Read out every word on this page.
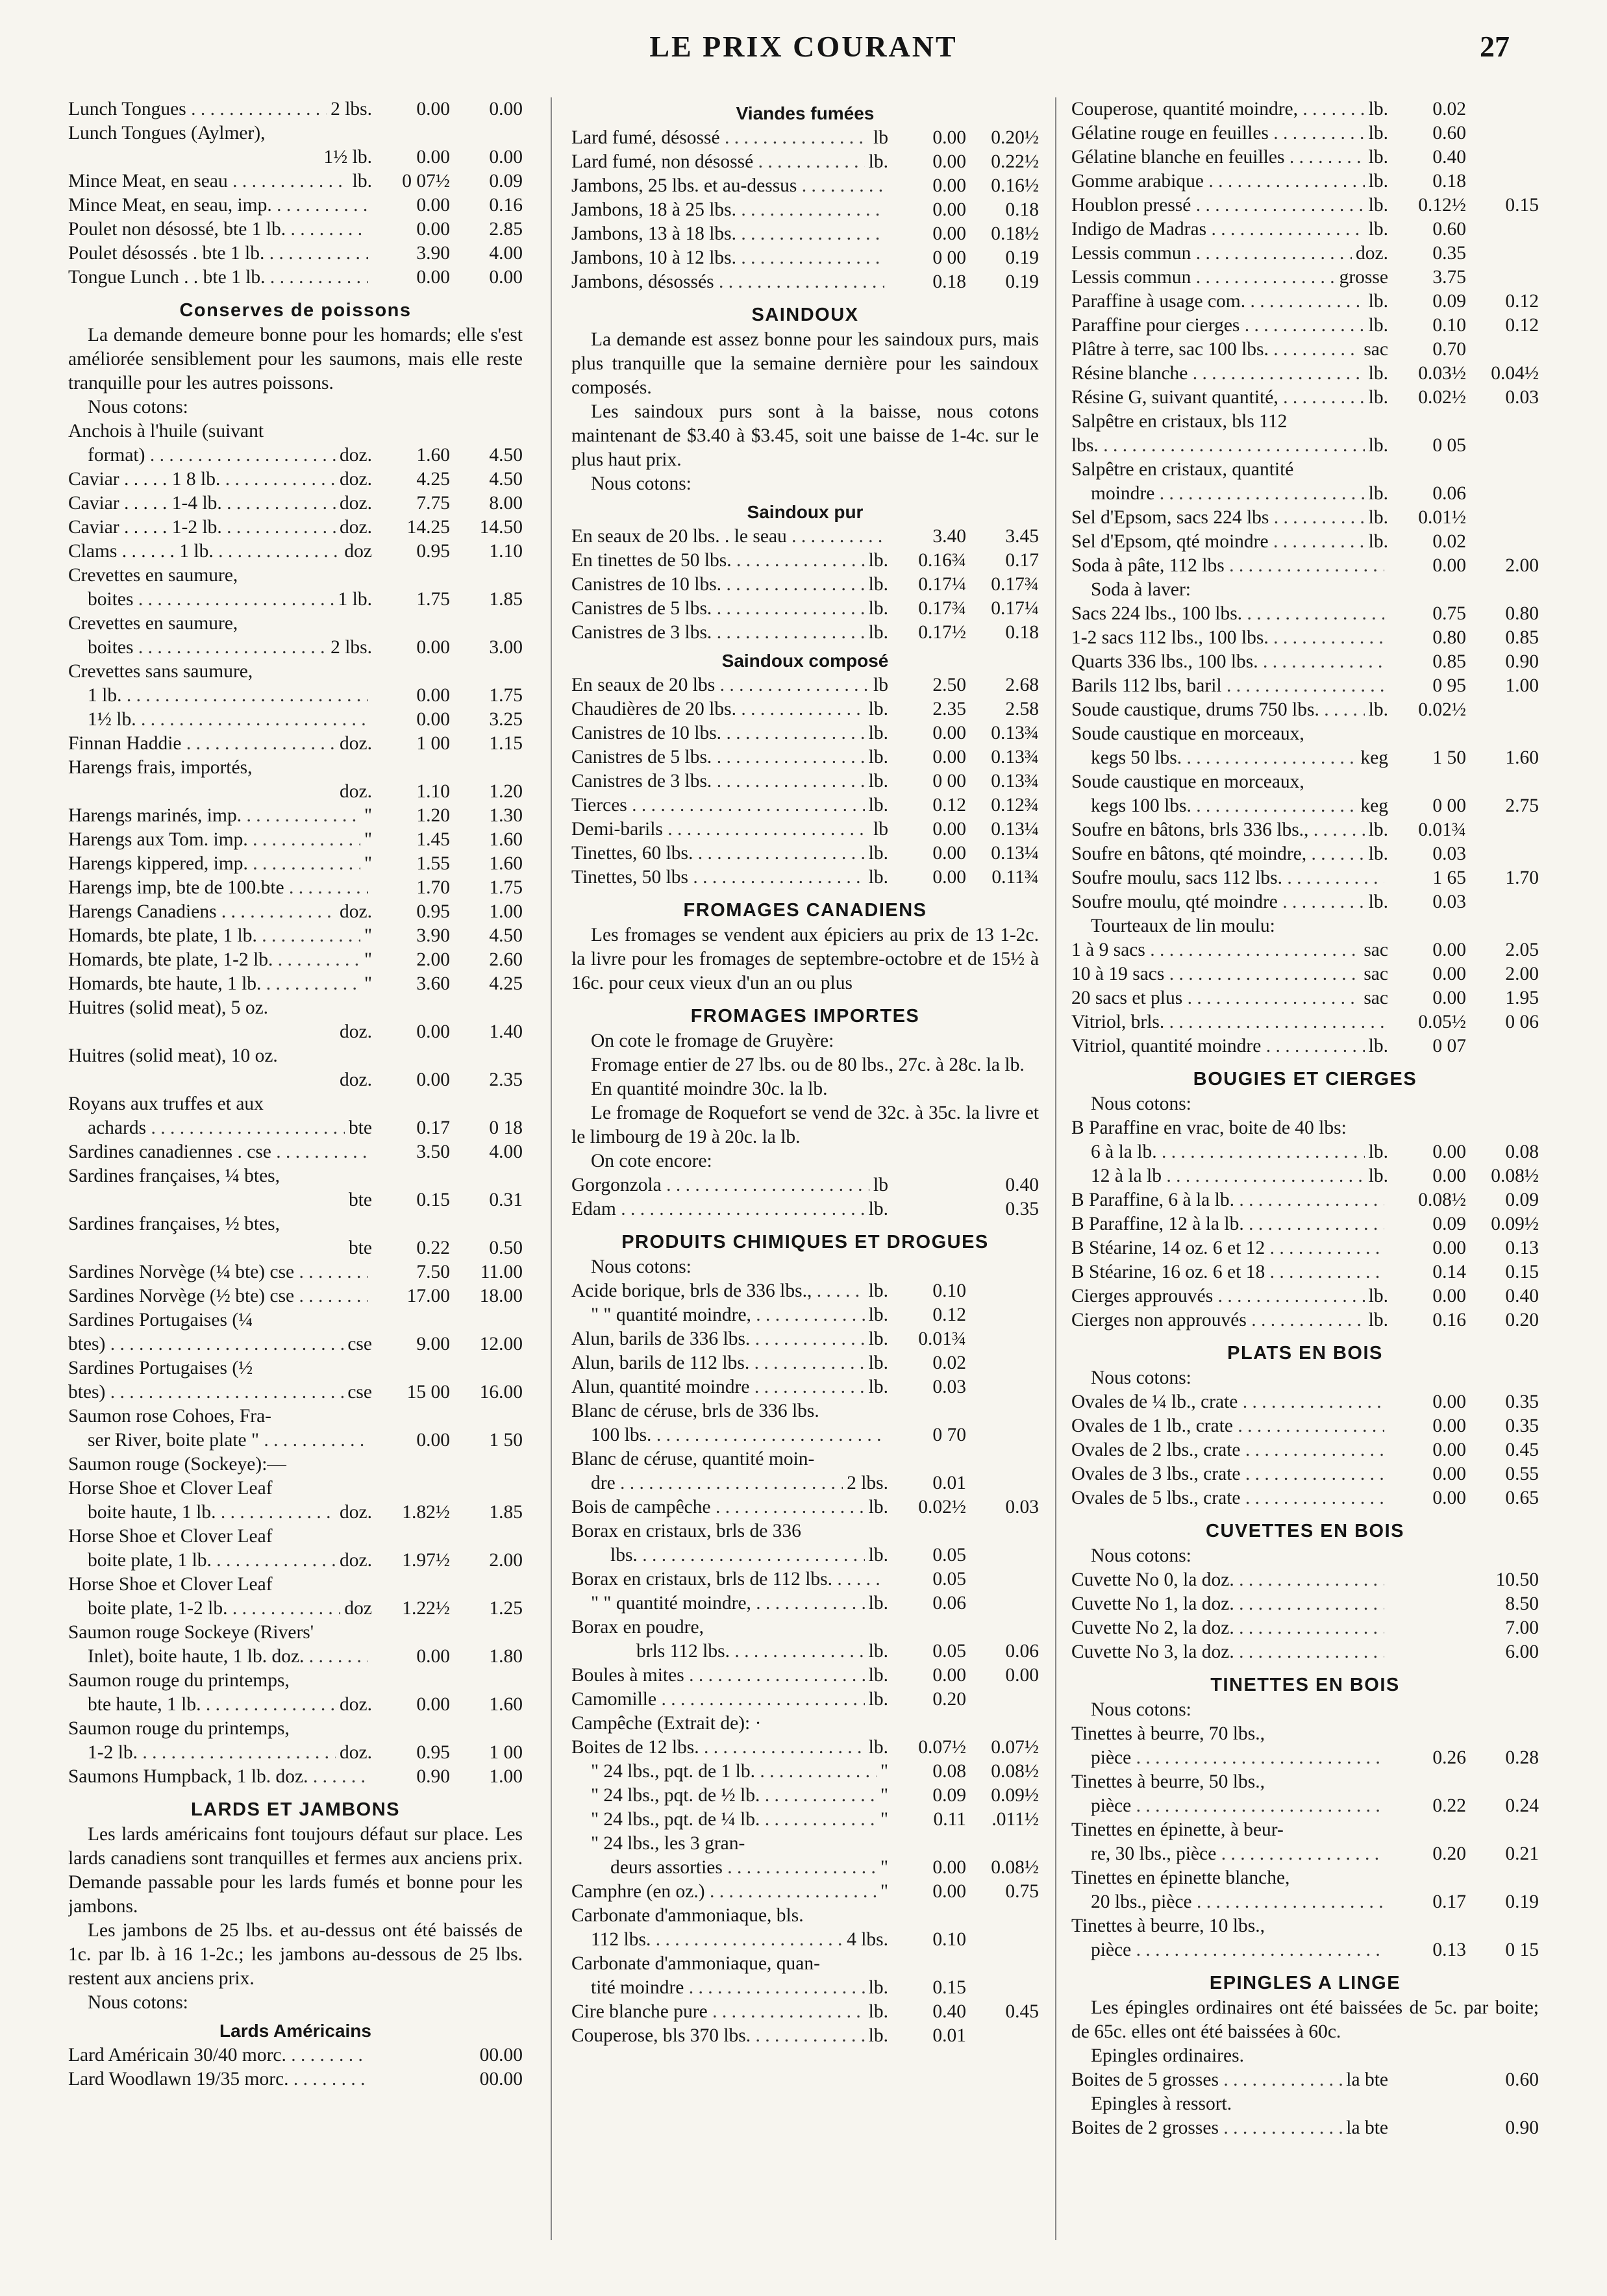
LE PRIX COURANT	27
Lunch Tongues . . .	2 lbs.	0.00	0.00
Lunch Tongues (Aylmer),
1½ lb.	0.00	0.00
Mince Meat, en seau . . .	lb.	0 07½	0.09
Mince Meat, en seau, imp. . . .	0.00	0.16
Poulet non désossé, bte 1 lb. . . .	0.00	2.85
Poulet désossés . bte 1 lb. . . .	3.90	4.00
Tongue Lunch . . bte 1 lb. . . .	0.00	0.00
Conserves de poissons

La demande demeure bonne pour les homards; elle s'est améliorée sensiblement pour les saumons, mais elle reste tranquille pour les autres poissons.

Nous cotons:
Anchois à l'huile (suivant
format) . . .	doz.	1.60	4.50
Caviar . . . . . 1 8 lb. . . .	doz.	4.25	4.50
Caviar . . . . . 1-4 lb. . . .	doz.	7.75	8.00
Caviar . . . . . 1-2 lb. . . .	doz.	14.25	14.50
Clams . . . . . . 1 lb. . . .	doz	0.95	1.10
Crevettes en saumure,
boites . . .	1 lb.	1.75	1.85
Crevettes en saumure,
boites . . .	2 lbs.	0.00	3.00
Crevettes sans saumure,
1 lb. . . .	0.00	1.75
1½ lb. . . .	0.00	3.25
Finnan Haddie . . .	doz.	1 00	1.15
Harengs frais, importés,
doz.	1.10	1.20
Harengs marinés, imp. . . .	"	1.20	1.30
Harengs aux Tom. imp. . . .	"	1.45	1.60
Harengs kippered, imp. . . .	"	1.55	1.60
Harengs imp, bte de 100.bte . . .	1.70	1.75
Harengs Canadiens . . . . . .	doz.	0.95	1.00
Homards, bte plate, 1 lb. . . .	"	3.90	4.50
Homards, bte plate, 1-2 lb. . . .	"	2.00	2.60
Homards, bte haute, 1 lb. . . .	"	3.60	4.25
Huitres (solid meat), 5 oz.
doz.	0.00	1.40
Huitres (solid meat), 10 oz.
doz.	0.00	2.35
Royans aux truffes et aux
achards . . .	bte	0.17	0 18
Sardines canadiennes . cse . . .	3.50	4.00
Sardines françaises, ¼ btes,
bte	0.15	0.31
Sardines françaises, ½ btes,
bte	0.22	0.50
Sardines Norvège (¼ bte) cse . . .	7.50	11.00
Sardines Norvège (½ bte) cse . . .	17.00	18.00
Sardines Portugaises (¼
btes) . . .	cse	9.00	12.00
Sardines Portugaises (½
btes) . . .	cse	15 00	16.00
Saumon rose Cohoes, Fra-
ser River, boite plate " . . .	0.00	1 50
Saumon rouge (Sockeye):—
Horse Shoe et Clover Leaf
boite haute, 1 lb. . . .	doz.	1.82½	1.85
Horse Shoe et Clover Leaf
boite plate, 1 lb. . . .	doz.	1.97½	2.00
Horse Shoe et Clover Leaf
boite plate, 1-2 lb. . . .	doz	1.22½	1.25
Saumon rouge Sockeye (Rivers'
Inlet), boite haute, 1 lb. doz. . . .	0.00	1.80
Saumon rouge du printemps,
bte haute, 1 lb. . . .	doz.	0.00	1.60
Saumon rouge du printemps,
1-2 lb. . . .	doz.	0.95	1 00
Saumons Humpback, 1 lb. doz. . . .	0.90	1.00
LARDS ET JAMBONS

Les lards américains font toujours défaut sur place. Les lards canadiens sont tranquilles et fermes aux anciens prix. Demande passable pour les lards fumés et bonne pour les jambons.

Les jambons de 25 lbs. et au-dessus ont été baissés de 1c. par lb. à 16 1-2c.; les jambons au-dessous de 25 lbs. restent aux anciens prix.

Nous cotons:
Lards Américains
Lard Américain 30/40 morc. . . .	00.00
Lard Woodlawn 19/35 morc. . . .	00.00
Viandes fumées
Lard fumé, désossé . . .	lb	0.00	0.20½
Lard fumé, non désossé . . .	lb.	0.00	0.22½
Jambons, 25 lbs. et au-dessus . . .	0.00	0.16½
Jambons, 18 à 25 lbs. . . .	0.00	0.18
Jambons, 13 à 18 lbs. . . .	0.00	0.18½
Jambons, 10 à 12 lbs. . . .	0 00	0.19
Jambons, désossés . . .	0.18	0.19
SAINDOUX

La demande est assez bonne pour les saindoux purs, mais plus tranquille que la semaine dernière pour les saindoux composés.

Les saindoux purs sont à la baisse, nous cotons maintenant de $3.40 à $3.45, soit une baisse de 1-4c. sur le plus haut prix.

Nous cotons:
Saindoux pur
En seaux de 20 lbs. . le seau . . .	3.40	3.45
En tinettes de 50 lbs. . . .	lb.	0.16¾	0.17
Canistres de 10 lbs. . . .	lb.	0.17¼	0.17¾
Canistres de 5 lbs. . . .	lb.	0.17¾	0.17¼
Canistres de 3 lbs. . . .	lb.	0.17½	0.18
Saindoux composé
En seaux de 20 lbs . . .	lb	2.50	2.68
Chaudières de 20 lbs. . . .	lb.	2.35	2.58
Canistres de 10 lbs. . . .	lb.	0.00	0.13¾
Canistres de 5 lbs. . . .	lb.	0.00	0.13¾
Canistres de 3 lbs. . . .	lb.	0 00	0.13¾
Tierces . . .	lb.	0.12	0.12¾
Demi-barils . . .	lb	0.00	0.13¼
Tinettes, 60 lbs. . . .	lb.	0.00	0.13¼
Tinettes, 50 lbs . . .	lb.	0.00	0.11¾
FROMAGES CANADIENS

Les fromages se vendent aux épiciers au prix de 13 1-2c. la livre pour les fromages de septembre-octobre et de 15½ à 16c. pour ceux vieux d'un an ou plus

FROMAGES IMPORTES
On cote le fromage de Gruyère:

Fromage entier de 27 lbs. ou de 80 lbs., 27c. à 28c. la lb.

En quantité moindre 30c. la lb.

Le fromage de Roquefort se vend de 32c. à 35c. la livre et le limbourg de 19 à 20c. la lb.

On cote encore:
Gorgonzola . . .	lb	0.40
Edam . . .	lb.	0.35
PRODUITS CHIMIQUES ET DROGUES
Nous cotons:
Acide borique, brls de 336 lbs., . . .	lb.	0.10
" " quantité moindre, . . .	lb.	0.12
Alun, barils de 336 lbs. . . .	lb.	0.01¾
Alun, barils de 112 lbs. . . .	lb.	0.02
Alun, quantité moindre . . .	lb.	0.03
Blanc de céruse, brls de 336 lbs.
100 lbs. . . .	0 70
Blanc de céruse, quantité moin-
dre . . .	2 lbs.	0.01
Bois de campêche . . .	lb.	0.02½	0.03
Borax en cristaux, brls de 336
lbs. . . .	lb.	0.05
Borax en cristaux, brls de 112 lbs. . . .	0.05
" " quantité moindre, . . .	lb.	0.06
Borax en poudre,
brls 112 lbs. . . .	lb.	0.05	0.06
Boules à mites . . .	lb.	0.00	0.00
Camomille . . .	lb.	0.20
Campêche (Extrait de): ·
Boites de 12 lbs. . . .	lb.	0.07½	0.07½
" 24 lbs., pqt. de 1 lb. . . .	"	0.08	0.08½
" 24 lbs., pqt. de ½ lb. . . .	"	0.09	0.09½
" 24 lbs., pqt. de ¼ lb. . . .	"	0.11	.011½
" 24 lbs., les 3 gran-
deurs assorties . . .	"	0.00	0.08½
Camphre (en oz.) . . .	"	0.00	0.75
Carbonate d'ammoniaque, bls.
112 lbs. . . .	4 lbs.	0.10
Carbonate d'ammoniaque, quan-
tité moindre . . .	lb.	0.15
Cire blanche pure . . .	lb.	0.40	0.45
Couperose, bls 370 lbs. . . .	lb.	0.01
Couperose, quantité moindre, . . .	lb.	0.02
Gélatine rouge en feuilles . . .	lb.	0.60
Gélatine blanche en feuilles . . .	lb.	0.40
Gomme arabique . . .	lb.	0.18
Houblon pressé . . .	lb.	0.12½	0.15
Indigo de Madras . . .	lb.	0.60
Lessis commun . . .	doz.	0.35
Lessis commun . . .	grosse	3.75
Paraffine à usage com. . . .	lb.	0.09	0.12
Paraffine pour cierges . . .	lb.	0.10	0.12
Plâtre à terre, sac 100 lbs. . . .	sac	0.70
Résine blanche . . .	lb.	0.03½	0.04½
Résine G, suivant quantité, . . .	lb.	0.02½	0.03
Salpêtre en cristaux, bls 112
lbs. . . .	lb.	0 05
Salpêtre en cristaux, quantité
moindre . . .	lb.	0.06
Sel d'Epsom, sacs 224 lbs . . .	lb.	0.01½
Sel d'Epsom, qté moindre . . .	lb.	0.02
Soda à pâte, 112 lbs . . .	0.00	2.00
Soda à laver:
Sacs 224 lbs., 100 lbs. . . .	0.75	0.80
1-2 sacs 112 lbs., 100 lbs. . . .	0.80	0.85
Quarts 336 lbs., 100 lbs. . . .	0.85	0.90
Barils 112 lbs, baril . . .	0 95	1.00
Soude caustique, drums 750 lbs. . . .	lb.	0.02½
Soude caustique en morceaux,
kegs 50 lbs. . . .	keg	1 50	1.60
Soude caustique en morceaux,
kegs 100 lbs. . . .	keg	0 00	2.75
Soufre en bâtons, brls 336 lbs., . . .	lb.	0.01¾
Soufre en bâtons, qté moindre, . . .	lb.	0.03
Soufre moulu, sacs 112 lbs. . . .	1 65	1.70
Soufre moulu, qté moindre . . .	lb.	0.03
Tourteaux de lin moulu:
1 à 9 sacs . . .	sac	0.00	2.05
10 à 19 sacs . . .	sac	0.00	2.00
20 sacs et plus . . .	sac	0.00	1.95
Vitriol, brls. . . .	0.05½	0 06
Vitriol, quantité moindre . . .	lb.	0 07
BOUGIES ET CIERGES
Nous cotons:
B Paraffine en vrac, boite de 40 lbs:
6 à la lb. . . .	lb.	0.00	0.08
12 à la lb . . .	lb.	0.00	0.08½
B Paraffine, 6 à la lb. . . .	0.08½	0.09
B Paraffine, 12 à la lb. . . .	0.09	0.09½
B Stéarine, 14 oz. 6 et 12 . . .	0.00	0.13
B Stéarine, 16 oz. 6 et 18 . . .	0.14	0.15
Cierges approuvés . . .	lb.	0.00	0.40
Cierges non approuvés . . .	lb.	0.16	0.20
PLATS EN BOIS
Nous cotons:
Ovales de ¼ lb., crate . . .	0.00	0.35
Ovales de 1 lb., crate . . .	0.00	0.35
Ovales de 2 lbs., crate . . .	0.00	0.45
Ovales de 3 lbs., crate . . .	0.00	0.55
Ovales de 5 lbs., crate . . .	0.00	0.65
CUVETTES EN BOIS
Nous cotons:
Cuvette No 0, la doz. . . .	10.50
Cuvette No 1, la doz. . . .	8.50
Cuvette No 2, la doz. . . .	7.00
Cuvette No 3, la doz. . . .	6.00
TINETTES EN BOIS
Nous cotons:
Tinettes à beurre, 70 lbs.,
pièce . . .	0.26	0.28
Tinettes à beurre, 50 lbs.,
pièce . . .	0.22	0.24
Tinettes en épinette, à beur-
re, 30 lbs., pièce . . .	0.20	0.21
Tinettes en épinette blanche,
20 lbs., pièce . . .	0.17	0.19
Tinettes à beurre, 10 lbs.,
pièce . . .	0.13	0 15
EPINGLES A LINGE

Les épingles ordinaires ont été baissées de 5c. par boite; de 65c. elles ont été baissées à 60c.

Epingles ordinaires.
Boites de 5 grosses . . .	la bte	0.60
Epingles à ressort.
Boites de 2 grosses . . .	la bte	0.90
